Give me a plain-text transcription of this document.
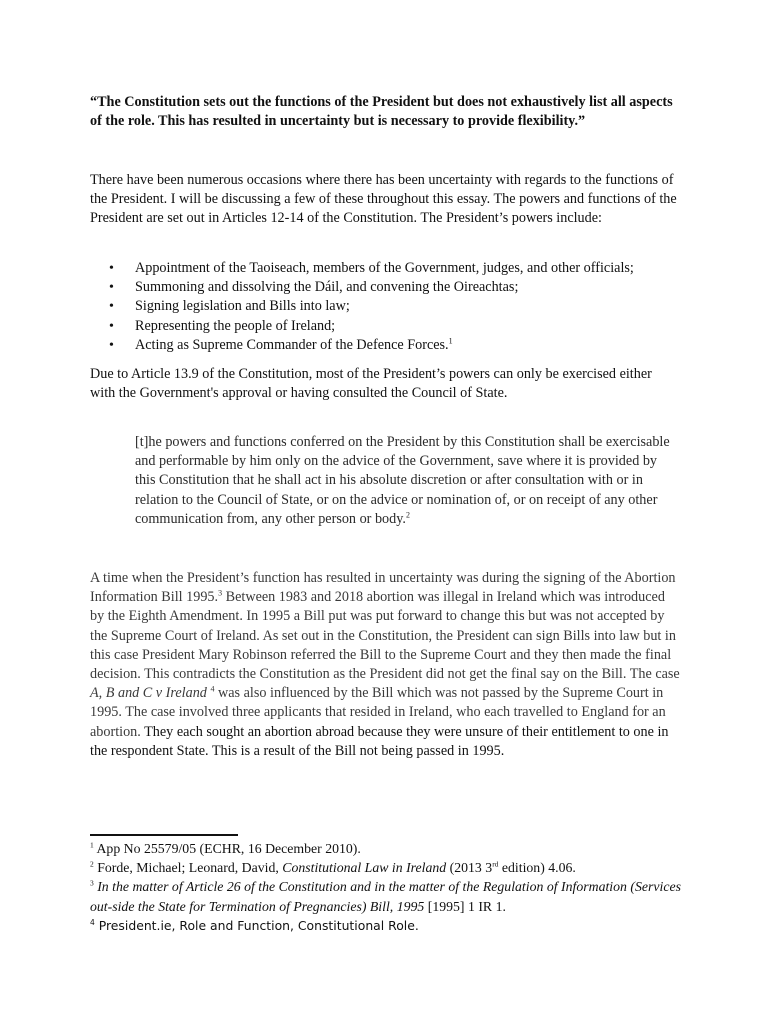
“The Constitution sets out the functions of the President but does not exhaustively list all aspects of the role. This has resulted in uncertainty but is necessary to provide flexibility.”

There have been numerous occasions where there has been uncertainty with regards to the functions of the President. I will be discussing a few of these throughout this essay. The powers and functions of the President are set out in Articles 12-14 of the Constitution. The President’s powers include:

• Appointment of the Taoiseach, members of the Government, judges, and other officials;
• Summoning and dissolving the Dáil, and convening the Oireachtas;
• Signing legislation and Bills into law;
• Representing the people of Ireland;
• Acting as Supreme Commander of the Defence Forces.$^1$

Due to Article 13.9 of the Constitution, most of the President’s powers can only be exercised either with the Government's approval or having consulted the Council of State.

[t]he powers and functions conferred on the President by this Constitution shall be exercisable and performable by him only on the advice of the Government, save where it is provided by this Constitution that he shall act in his absolute discretion or after consultation with or in relation to the Council of State, or on the advice or nomination of, or on receipt of any other communication from, any other person or body.$^2$

A time when the President’s function has resulted in uncertainty was during the signing of the Abortion Information Bill 1995.$^3$ Between 1983 and 2018 abortion was illegal in Ireland which was introduced by the Eighth Amendment. In 1995 a Bill put was put forward to change this but was not accepted by the Supreme Court of Ireland. As set out in the Constitution, the President can sign Bills into law but in this case President Mary Robinson referred the Bill to the Supreme Court and they then made the final decision. This contradicts the Constitution as the President did not get the final say on the Bill. The case A, B and C v Ireland $^4$ was also influenced by the Bill which was not passed by the Supreme Court in 1995. The case involved three applicants that resided in Ireland, who each travelled to England for an abortion. They each sought an abortion abroad because they were unsure of their entitlement to one in the respondent State. This is a result of the Bill not being passed in 1995.

$^1$ App No 25579/05 (ECHR, 16 December 2010).

$^2$ Forde, Michael; Leonard, David, Constitutional Law in Ireland (2013 3rd edition) 4.06.

$^3$ In the matter of Article 26 of the Constitution and in the matter of the Regulation of Information (Services out-side the State for Termination of Pregnancies) Bill, 1995 [1995] 1 IR 1.

$^4$ President.ie, Role and Function, Constitutional Role.
